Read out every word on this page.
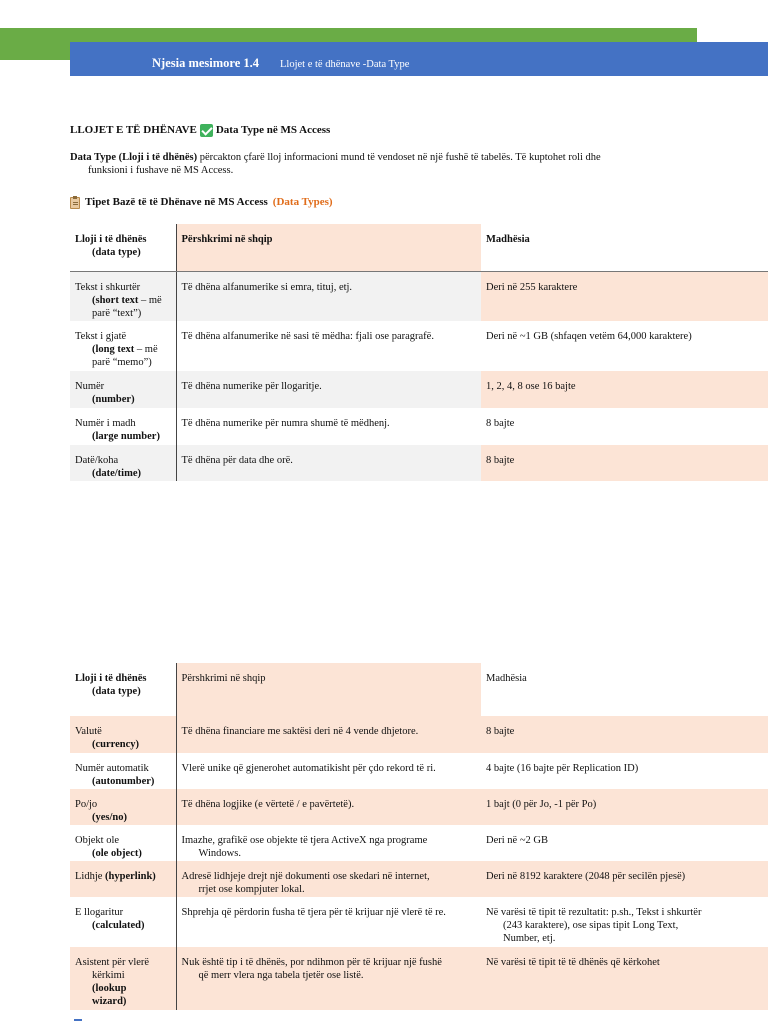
Njesia mesimore 1.4 Llojet e të dhënave -Data Type
LLOJET E TË DHËNAVE Data Type në MS Access
Data Type (Lloji i të dhënës) përcakton çfarë lloj informacioni mund të vendoset në një fushë të tabelës. Të kuptohet roli dhe
funksioni i fushave në MS Access.
Tipet Bazë të të Dhënave në MS Access (Data Types)
Lloji i të dhënës
(data type)	Përshkrimi në shqip	Madhësia

Tekst i shkurtër
(short text – më
parë “text”)	Të dhëna alfanumerike si emra, tituj, etj.	Deri në 255 karaktere

Tekst i gjatë
(long text – më
parë “memo”)	Të dhëna alfanumerike në sasi të mëdha: fjali ose paragrafë.	Deri në ~1 GB (shfaqen vetëm 64,000 karaktere)

Numër
(number)	Të dhëna numerike për llogaritje.	1, 2, 4, 8 ose 16 bajte

Numër i madh
(large number)	Të dhëna numerike për numra shumë të mëdhenj.	8 bajte

Datë/koha
(date/time)	Të dhëna për data dhe orë.	8 bajte
Lloji i të dhënës
(data type)	Përshkrimi në shqip	Madhësia

Valutë
(currency)	Të dhëna financiare me saktësi deri në 4 vende dhjetore.	8 bajte

Numër automatik
(autonumber)	Vlerë unike që gjenerohet automatikisht për çdo rekord të ri.	4 bajte (16 bajte për Replication ID)

Po/jo
(yes/no)	Të dhëna logjike (e vërtetë / e pavërtetë).	1 bajt (0 për Jo, -1 për Po)

Objekt ole
(ole object)	Imazhe, grafikë ose objekte të tjera ActiveX nga programe
Windows.	Deri në ~2 GB
Lidhje (hyperlink)	Adresë lidhjeje drejt një dokumenti ose skedari në internet,
rrjet ose kompjuter lokal.	Deri në 8192 karaktere (2048 për secilën pjesë)

E llogaritur
(calculated)	Shprehja që përdorin fusha të tjera për të krijuar një vlerë të re.	Në varësi të tipit të rezultatit: p.sh., Tekst i shkurtër
(243 karaktere), ose sipas tipit Long Text,
Number, etj.

Asistent për vlerë
kërkimi
(lookup
wizard)	Nuk është tip i të dhënës, por ndihmon për të krijuar një fushë
që merr vlera nga tabela tjetër ose listë.	Në varësi të tipit të të dhënës që kërkohet
